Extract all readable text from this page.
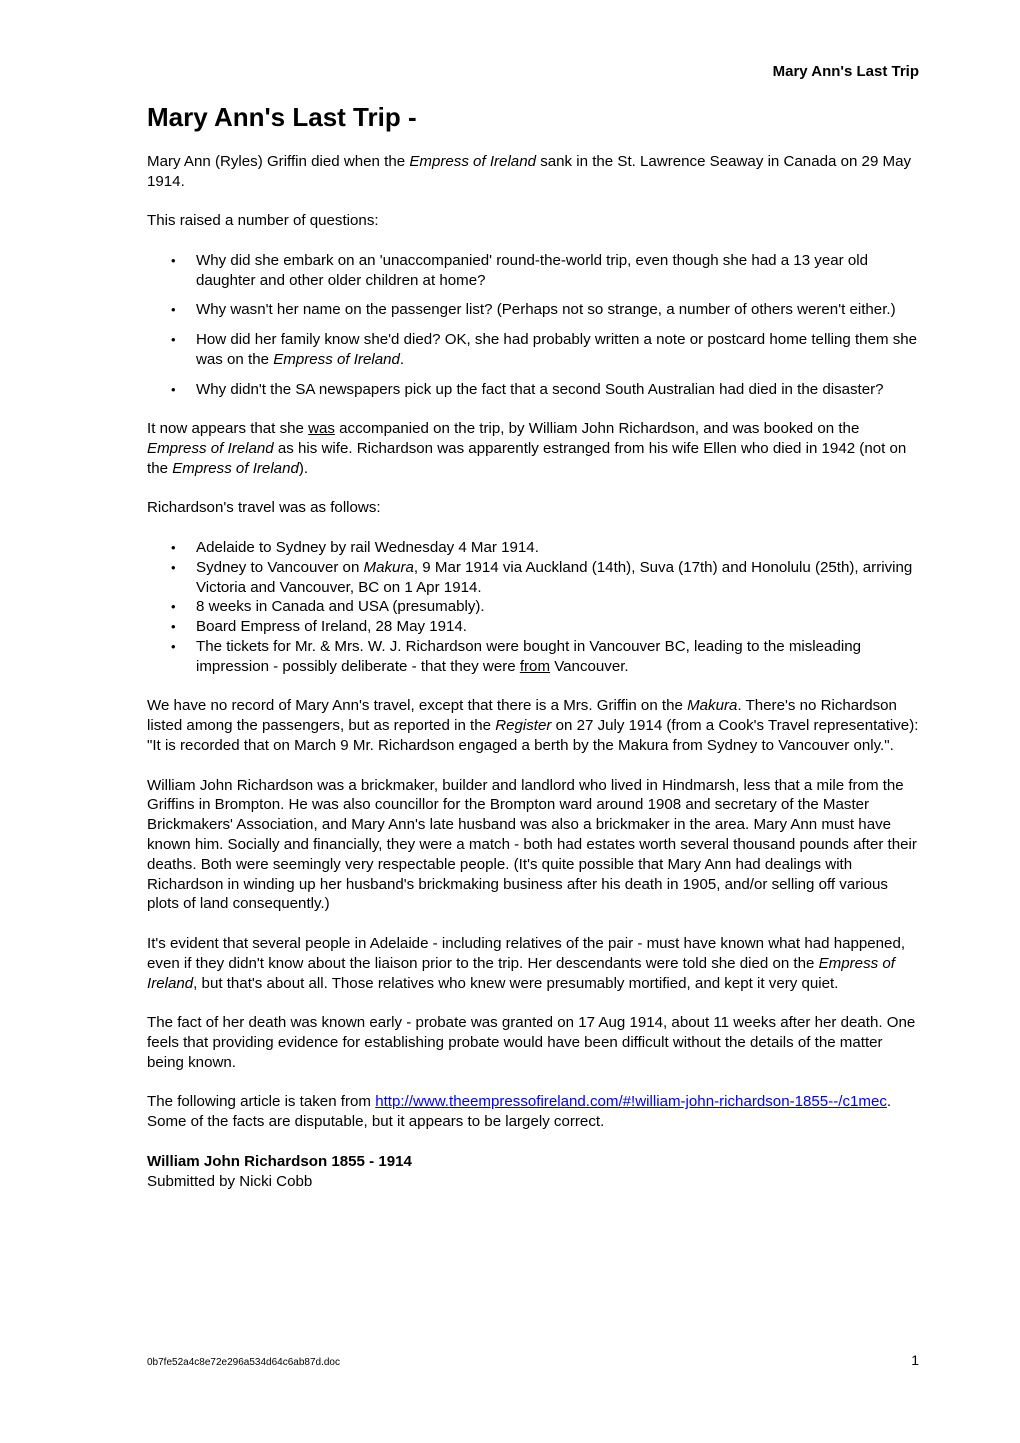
Mary Ann's Last Trip
Mary Ann's Last Trip -

Mary Ann (Ryles) Griffin died when the Empress of Ireland sank in the St. Lawrence Seaway in Canada on 29 May 1914.

This raised a number of questions:

• Why did she embark on an 'unaccompanied' round-the-world trip, even though she had a 13 year old daughter and other older children at home?
• Why wasn't her name on the passenger list? (Perhaps not so strange, a number of others weren't either.)
• How did her family know she'd died? OK, she had probably written a note or postcard home telling them she was on the Empress of Ireland.
• Why didn't the SA newspapers pick up the fact that a second South Australian had died in the disaster?

It now appears that she was accompanied on the trip, by William John Richardson, and was booked on the Empress of Ireland as his wife. Richardson was apparently estranged from his wife Ellen who died in 1942 (not on the Empress of Ireland).

Richardson's travel was as follows:

• Adelaide to Sydney by rail Wednesday 4 Mar 1914.
• Sydney to Vancouver on Makura, 9 Mar 1914 via Auckland (14th), Suva (17th) and Honolulu (25th), arriving Victoria and Vancouver, BC on 1 Apr 1914.
• 8 weeks in Canada and USA (presumably).
• Board Empress of Ireland, 28 May 1914.
• The tickets for Mr. & Mrs. W. J. Richardson were bought in Vancouver BC, leading to the misleading impression - possibly deliberate - that they were from Vancouver.

We have no record of Mary Ann's travel, except that there is a Mrs. Griffin on the Makura. There's no Richardson listed among the passengers, but as reported in the Register on 27 July 1914 (from a Cook's Travel representative): "It is recorded that on March 9 Mr. Richardson engaged a berth by the Makura from Sydney to Vancouver only.".

William John Richardson was a brickmaker, builder and landlord who lived in Hindmarsh, less that a mile from the Griffins in Brompton. He was also councillor for the Brompton ward around 1908 and secretary of the Master Brickmakers' Association, and Mary Ann's late husband was also a brickmaker in the area. Mary Ann must have known him. Socially and financially, they were a match - both had estates worth several thousand pounds after their deaths. Both were seemingly very respectable people. (It's quite possible that Mary Ann had dealings with Richardson in winding up her husband's brickmaking business after his death in 1905, and/or selling off various plots of land consequently.)

It's evident that several people in Adelaide - including relatives of the pair - must have known what had happened, even if they didn't know about the liaison prior to the trip. Her descendants were told she died on the Empress of Ireland, but that's about all. Those relatives who knew were presumably mortified, and kept it very quiet.

The fact of her death was known early - probate was granted on 17 Aug 1914, about 11 weeks after her death. One feels that providing evidence for establishing probate would have been difficult without the details of the matter being known.

The following article is taken from http://www.theempressofireland.com/#!william-john-richardson-1855--/c1mec. Some of the facts are disputable, but it appears to be largely correct.

William John Richardson 1855 - 1914

Submitted by Nicki Cobb

0b7fe52a4c8e72e296a534d64c6ab87d.doc	1
